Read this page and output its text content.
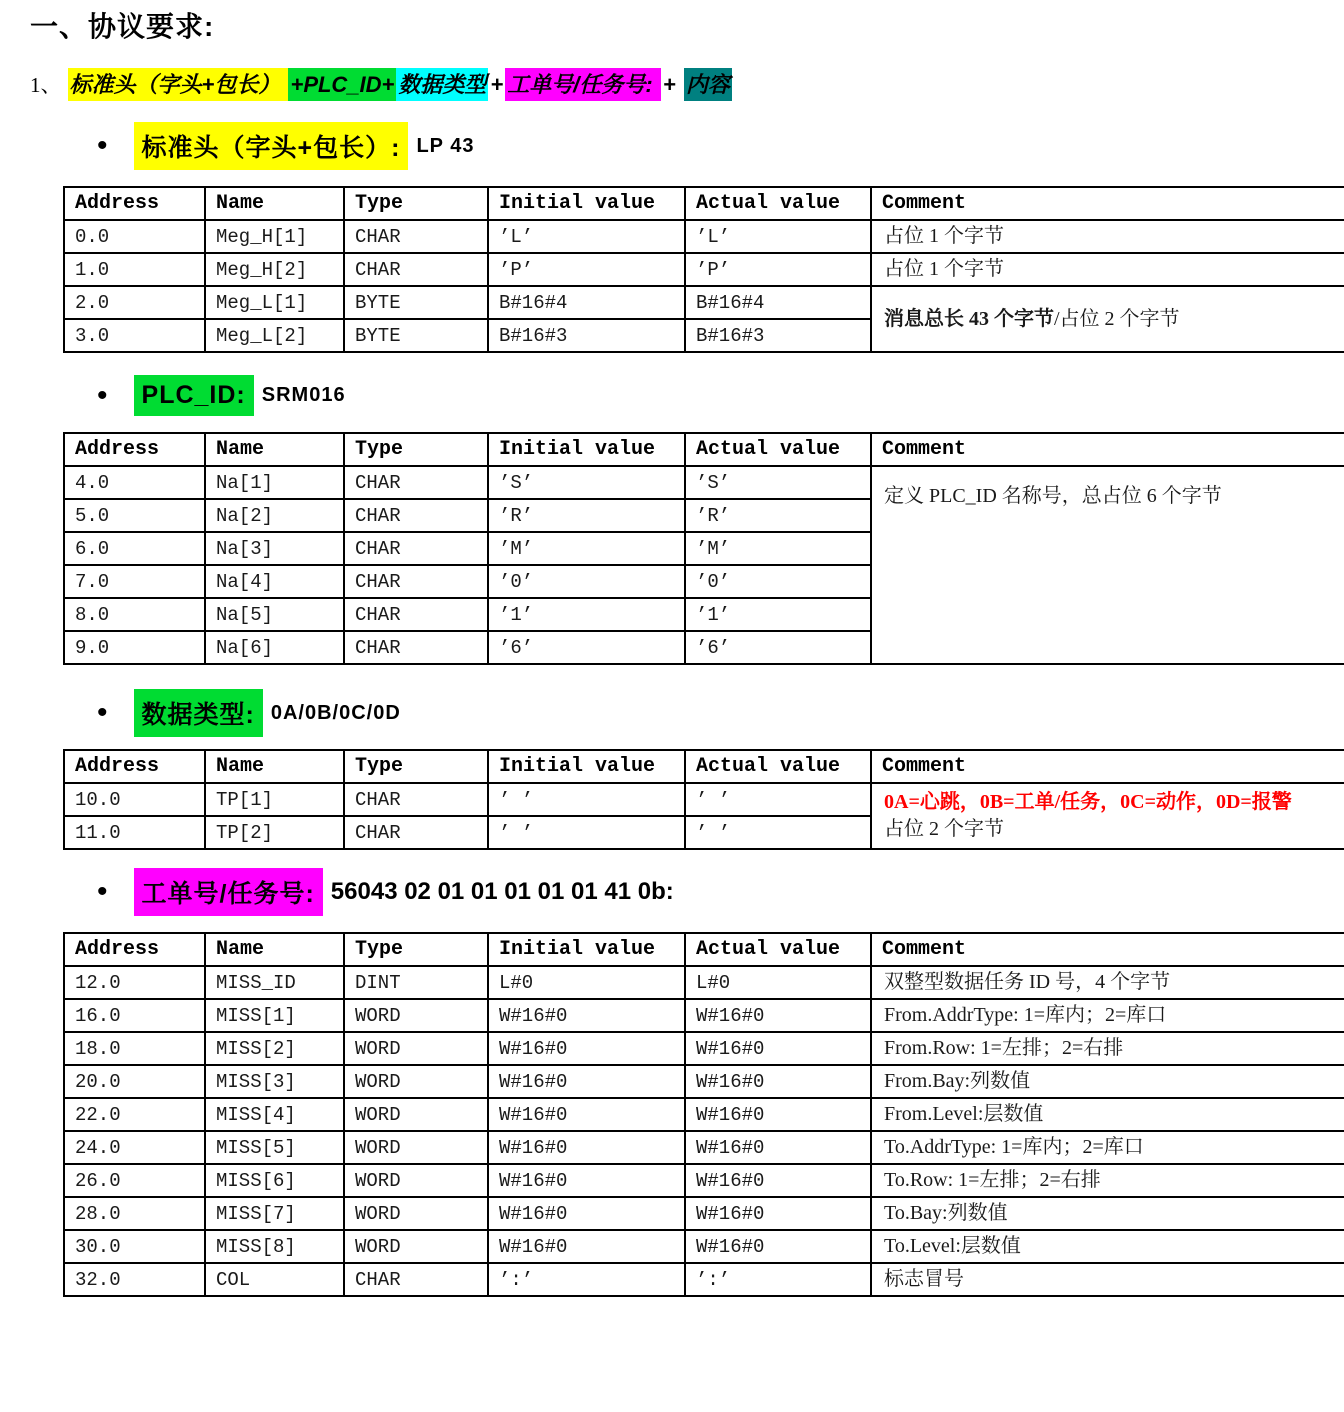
一、协议要求:
1、 标准头（字头+包长） +PLC_ID+ 数据类型 + 工单号/任务号: + 内容
•	标准头（字头+包长）: LP 43
Address	Name	Type	Initial value	Actual value	Comment
0.0	Meg_H[1]	CHAR	’L’	’L’	占位 1 个字节

1.0	Meg_H[2]	CHAR	’P’	’P’	占位 1 个字节

2.0	Meg_L[1]	BYTE	B#16#4	B#16#4	消息总长 43 个字节/占位 2 个字节

3.0	Meg_L[2]	BYTE	B#16#3	B#16#3	
•	PLC_ID: SRM016
Address	Name	Type	Initial value	Actual value	Comment
4.0	Na[1]	CHAR	’S’	’S’	定义 PLC_ID 名称号，总占位 6 个字节

5.0	Na[2]	CHAR	’R’	’R’	
6.0	Na[3]	CHAR	’M’	’M’	
7.0	Na[4]	CHAR	’0’	’0’	
8.0	Na[5]	CHAR	’1’	’1’	
9.0	Na[6]	CHAR	’6’	’6’	
•	数据类型: 0A/0B/0C/0D
Address	Name	Type	Initial value	Actual value	Comment
10.0	TP[1]	CHAR	’ ’	’ ’	0A=心跳，0B=工单/任务，0C=动作，0D=报警
占位 2 个字节

11.0	TP[2]	CHAR	’ ’	’ ’	
•	工单号/任务号: 56043 02 01 01 01 01 01 41 0b:
Address	Name	Type	Initial value	Actual value	Comment
12.0	MISS_ID	DINT	L#0	L#0	双整型数据任务 ID 号，4 个字节

16.0	MISS[1]	WORD	W#16#0	W#16#0	From.AddrType: 1=库内；2=库口

18.0	MISS[2]	WORD	W#16#0	W#16#0	From.Row: 1=左排；2=右排

20.0	MISS[3]	WORD	W#16#0	W#16#0	From.Bay:列数值

22.0	MISS[4]	WORD	W#16#0	W#16#0	From.Level:层数值

24.0	MISS[5]	WORD	W#16#0	W#16#0	To.AddrType: 1=库内；2=库口

26.0	MISS[6]	WORD	W#16#0	W#16#0	To.Row: 1=左排；2=右排

28.0	MISS[7]	WORD	W#16#0	W#16#0	To.Bay:列数值

30.0	MISS[8]	WORD	W#16#0	W#16#0	To.Level:层数值

32.0	COL	CHAR	’:’	’:’	标志冒号
